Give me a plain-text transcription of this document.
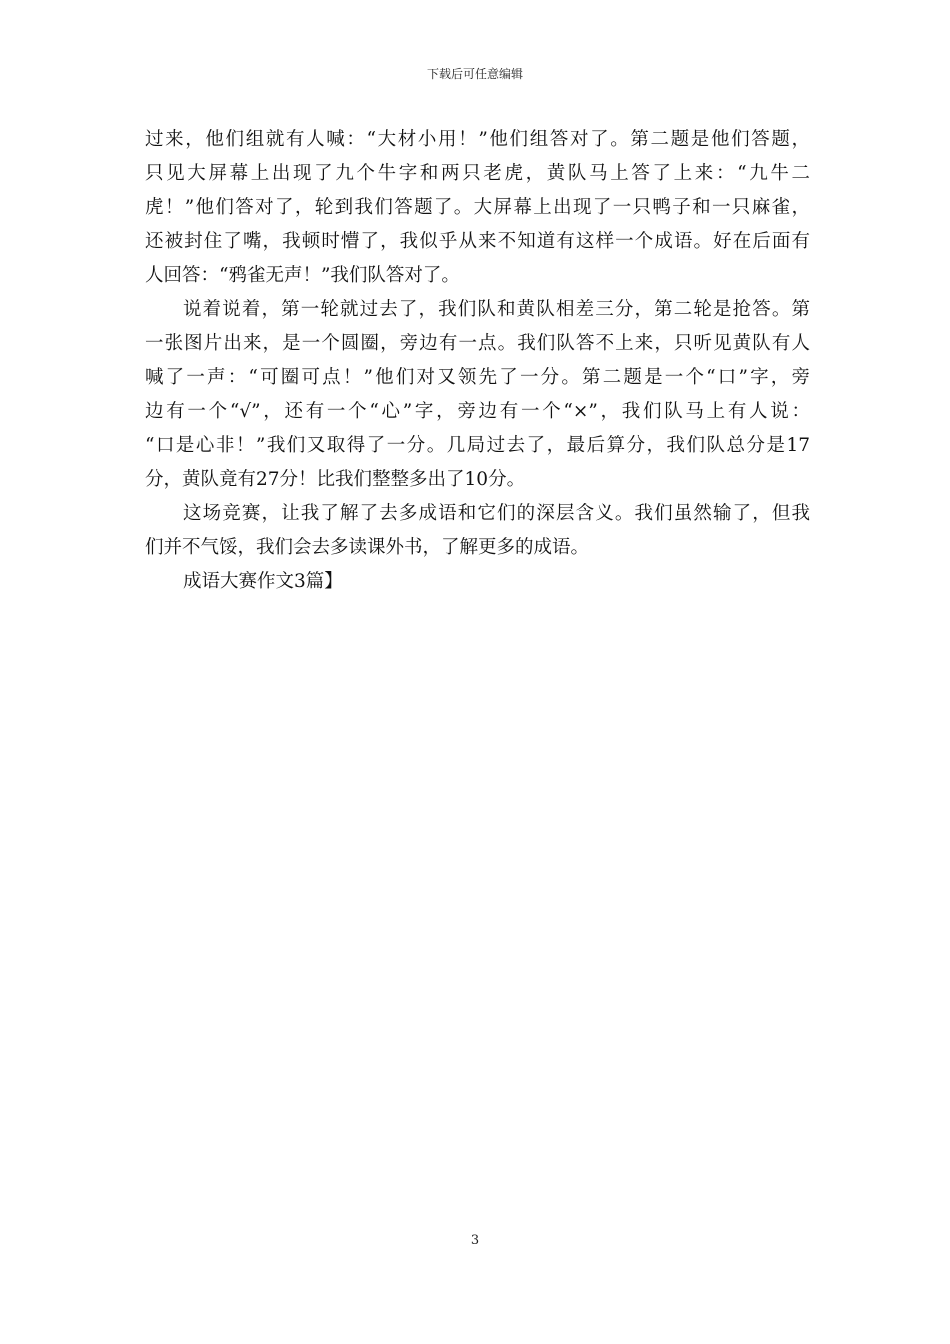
下载后可任意编辑
过来，他们组就有人喊：“大材小用！”他们组答对了。第二题是他们答题，
只见大屏幕上出现了九个牛字和两只老虎，黄队马上答了上来：“九牛二
虎！”他们答对了，轮到我们答题了。大屏幕上出现了一只鸭子和一只麻雀，
还被封住了嘴，我顿时懵了，我似乎从来不知道有这样一个成语。好在后面有
人回答：“鸦雀无声！”我们队答对了。
说着说着，第一轮就过去了，我们队和黄队相差三分，第二轮是抢答。第
一张图片出来，是一个圆圈，旁边有一点。我们队答不上来，只听见黄队有人
喊了一声：“可圈可点！”他们对又领先了一分。第二题是一个“口”字，旁
边有一个“√”，还有一个“心”字，旁边有一个“×”，我们队马上有人说：
“口是心非！”我们又取得了一分。几局过去了，最后算分，我们队总分是17
分，黄队竟有27分！比我们整整多出了10分。
这场竞赛，让我了解了去多成语和它们的深层含义。我们虽然输了，但我
们并不气馁，我们会去多读课外书，了解更多的成语。
成语大赛作文3篇】
3
